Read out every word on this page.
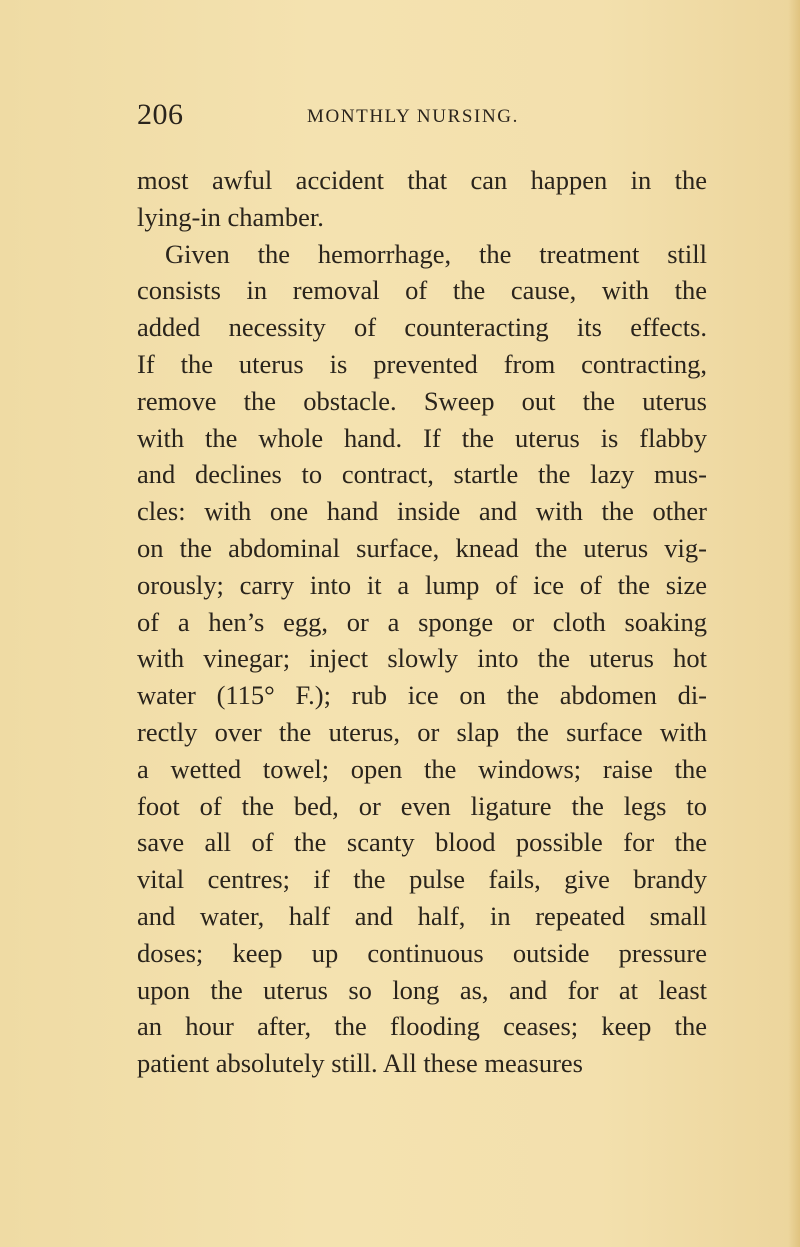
206	MONTHLY NURSING.
most awful accident that can happen in the
lying-in chamber.
Given the hemorrhage, the treatment still
consists in removal of the cause, with the
added necessity of counteracting its effects.
If the uterus is prevented from contracting,
remove the obstacle. Sweep out the uterus
with the whole hand. If the uterus is flabby
and declines to contract, startle the lazy mus-
cles: with one hand inside and with the other
on the abdominal surface, knead the uterus vig-
orously; carry into it a lump of ice of the size
of a hen’s egg, or a sponge or cloth soaking
with vinegar; inject slowly into the uterus hot
water (115° F.); rub ice on the abdomen di-
rectly over the uterus, or slap the surface with
a wetted towel; open the windows; raise the
foot of the bed, or even ligature the legs to
save all of the scanty blood possible for the
vital centres; if the pulse fails, give brandy
and water, half and half, in repeated small
doses; keep up continuous outside pressure
upon the uterus so long as, and for at least
an hour after, the flooding ceases; keep the
patient absolutely still. All these measures
